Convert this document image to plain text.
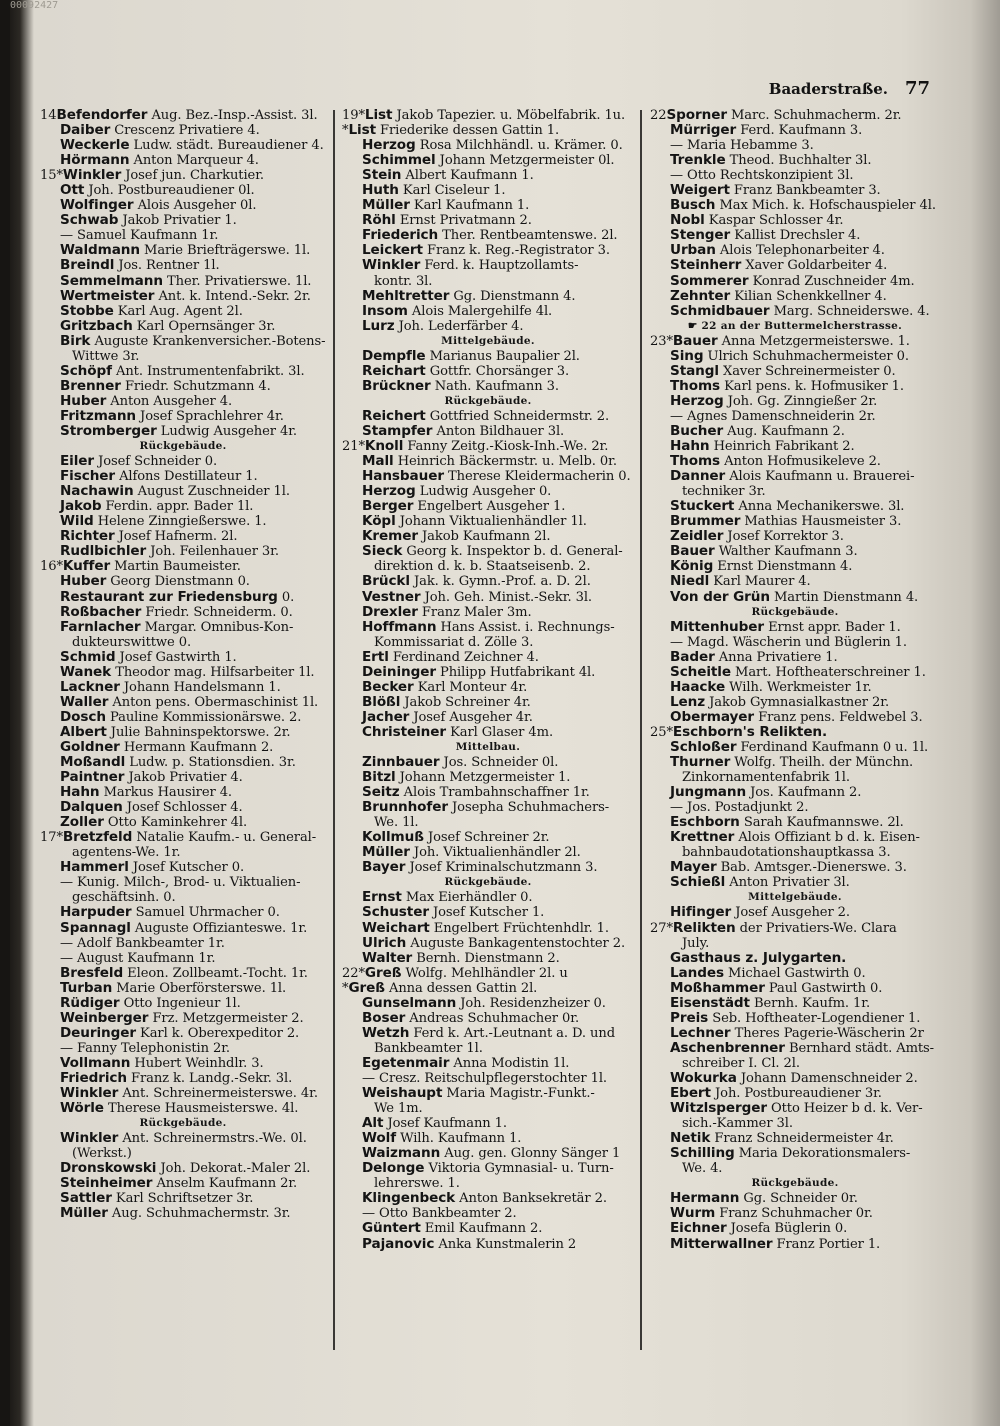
00092427
Baaderstraße. 77
14Befendorfer Aug. Bez.-Insp.-Assist. 3l.
Daiber Crescenz Privatiere 4.
Weckerle Ludw. städt. Bureaudiener 4.
Hörmann Anton Marqueur 4.
15*Winkler Josef jun. Charkutier.
Ott Joh. Postbureaudiener 0l.
Wolfinger Alois Ausgeher 0l.
Schwab Jakob Privatier 1.
— Samuel Kaufmann 1r.
Waldmann Marie Briefträgerswe. 1l.
Breindl Jos. Rentner 1l.
Semmelmann Ther. Privatierswe. 1l.
Wertmeister Ant. k. Intend.-Sekr. 2r.
Stobbe Karl Aug. Agent 2l.
Gritzbach Karl Opernsänger 3r.
Birk Auguste Krankenversicher.-Botens-
Wittwe 3r.
Schöpf Ant. Instrumentenfabrikt. 3l.
Brenner Friedr. Schutzmann 4.
Huber Anton Ausgeher 4.
Fritzmann Josef Sprachlehrer 4r.
Stromberger Ludwig Ausgeher 4r.
Rückgebäude.
Eiler Josef Schneider 0.
Fischer Alfons Destillateur 1.
Nachawin August Zuschneider 1l.
Jakob Ferdin. appr. Bader 1l.
Wild Helene Zinngießerswe. 1.
Richter Josef Hafnerm. 2l.
Rudlbichler Joh. Feilenhauer 3r.
16*Kuffer Martin Baumeister.
Huber Georg Dienstmann 0.
Restaurant zur Friedensburg 0.
Roßbacher Friedr. Schneiderm. 0.
Farnlacher Margar. Omnibus-Kon-
dukteurswittwe 0.
Schmid Josef Gastwirth 1.
Wanek Theodor mag. Hilfsarbeiter 1l.
Lackner Johann Handelsmann 1.
Waller Anton pens. Obermaschinist 1l.
Dosch Pauline Kommissionärswe. 2.
Albert Julie Bahninspektorswe. 2r.
Goldner Hermann Kaufmann 2.
Moßandl Ludw. p. Stationsdien. 3r.
Paintner Jakob Privatier 4.
Hahn Markus Hausirer 4.
Dalquen Josef Schlosser 4.
Zoller Otto Kaminkehrer 4l.
17*Bretzfeld Natalie Kaufm.- u. General-
agentens-We. 1r.
Hammerl Josef Kutscher 0.
— Kunig. Milch-, Brod- u. Viktualien-
geschäftsinh. 0.
Harpuder Samuel Uhrmacher 0.
Spannagl Auguste Offizianteswe. 1r.
— Adolf Bankbeamter 1r.
— August Kaufmann 1r.
Bresfeld Eleon. Zollbeamt.-Tocht. 1r.
Turban Marie Oberförsterswe. 1l.
Rüdiger Otto Ingenieur 1l.
Weinberger Frz. Metzgermeister 2.
Deuringer Karl k. Oberexpeditor 2.
— Fanny Telephonistin 2r.
Vollmann Hubert Weinhdlr. 3.
Friedrich Franz k. Landg.-Sekr. 3l.
Winkler Ant. Schreinermeisterswe. 4r.
Wörle Therese Hausmeisterswe. 4l.
Rückgebäude.
Winkler Ant. Schreinermstrs.-We. 0l.
(Werkst.)
Dronskowski Joh. Dekorat.-Maler 2l.
Steinheimer Anselm Kaufmann 2r.
Sattler Karl Schriftsetzer 3r.
Müller Aug. Schuhmachermstr. 3r.
19*List Jakob Tapezier. u. Möbelfabrik. 1u.
*List Friederike dessen Gattin 1.
Herzog Rosa Milchhändl. u. Krämer. 0.
Schimmel Johann Metzgermeister 0l.
Stein Albert Kaufmann 1.
Huth Karl Ciseleur 1.
Müller Karl Kaufmann 1.
Röhl Ernst Privatmann 2.
Friederich Ther. Rentbeamtenswe. 2l.
Leickert Franz k. Reg.-Registrator 3.
Winkler Ferd. k. Hauptzollamts-
kontr. 3l.
Mehltretter Gg. Dienstmann 4.
Insom Alois Malergehilfe 4l.
Lurz Joh. Lederfärber 4.
Mittelgebäude.
Dempfle Marianus Baupalier 2l.
Reichart Gottfr. Chorsänger 3.
Brückner Nath. Kaufmann 3.
Rückgebäude.
Reichert Gottfried Schneidermstr. 2.
Stampfer Anton Bildhauer 3l.
21*Knoll Fanny Zeitg.-Kiosk-Inh.-We. 2r.
Mall Heinrich Bäckermstr. u. Melb. 0r.
Hansbauer Therese Kleidermacherin 0.
Herzog Ludwig Ausgeher 0.
Berger Engelbert Ausgeher 1.
Köpl Johann Viktualienhändler 1l.
Kremer Jakob Kaufmann 2l.
Sieck Georg k. Inspektor b. d. General-
direktion d. k. b. Staatseisenb. 2.
Brückl Jak. k. Gymn.-Prof. a. D. 2l.
Vestner Joh. Geh. Minist.-Sekr. 3l.
Drexler Franz Maler 3m.
Hoffmann Hans Assist. i. Rechnungs-
Kommissariat d. Zölle 3.
Ertl Ferdinand Zeichner 4.
Deininger Philipp Hutfabrikant 4l.
Becker Karl Monteur 4r.
Blößl Jakob Schreiner 4r.
Jacher Josef Ausgeher 4r.
Christeiner Karl Glaser 4m.
Mittelbau.
Zinnbauer Jos. Schneider 0l.
Bitzl Johann Metzgermeister 1.
Seitz Alois Trambahnschaffner 1r.
Brunnhofer Josepha Schuhmachers-
We. 1l.
Kollmuß Josef Schreiner 2r.
Müller Joh. Viktualienhändler 2l.
Bayer Josef Kriminalschutzmann 3.
Rückgebäude.
Ernst Max Eierhändler 0.
Schuster Josef Kutscher 1.
Weichart Engelbert Früchtenhdlr. 1.
Ulrich Auguste Bankagentenstochter 2.
Walter Bernh. Dienstmann 2.
22*Greß Wolfg. Mehlhändler 2l. u
*Greß Anna dessen Gattin 2l.
Gunselmann Joh. Residenzheizer 0.
Boser Andreas Schuhmacher 0r.
Wetzh Ferd k. Art.-Leutnant a. D. und
Bankbeamter 1l.
Egetenmair Anna Modistin 1l.
— Cresz. Reitschulpflegerstochter 1l.
Weishaupt Maria Magistr.-Funkt.-
We 1m.
Alt Josef Kaufmann 1.
Wolf Wilh. Kaufmann 1.
Waizmann Aug. gen. Glonny Sänger 1
Delonge Viktoria Gymnasial- u. Turn-
lehrerswe. 1.
Klingenbeck Anton Banksekretär 2.
— Otto Bankbeamter 2.
Güntert Emil Kaufmann 2.
Pajanovic Anka Kunstmalerin 2
22Sporner Marc. Schuhmacherm. 2r.
Mürriger Ferd. Kaufmann 3.
— Maria Hebamme 3.
Trenkle Theod. Buchhalter 3l.
— Otto Rechtskonzipient 3l.
Weigert Franz Bankbeamter 3.
Busch Max Mich. k. Hofschauspieler 4l.
Nobl Kaspar Schlosser 4r.
Stenger Kallist Drechsler 4.
Urban Alois Telephonarbeiter 4.
Steinherr Xaver Goldarbeiter 4.
Sommerer Konrad Zuschneider 4m.
Zehnter Kilian Schenkkellner 4.
Schmidbauer Marg. Schneiderswe. 4.
☛ 22 an der Buttermelcherstrasse.
23*Bauer Anna Metzgermeisterswe. 1.
Sing Ulrich Schuhmachermeister 0.
Stangl Xaver Schreinermeister 0.
Thoms Karl pens. k. Hofmusiker 1.
Herzog Joh. Gg. Zinngießer 2r.
— Agnes Damenschneiderin 2r.
Bucher Aug. Kaufmann 2.
Hahn Heinrich Fabrikant 2.
Thoms Anton Hofmusikeleve 2.
Danner Alois Kaufmann u. Brauerei-
techniker 3r.
Stuckert Anna Mechanikerswe. 3l.
Brummer Mathias Hausmeister 3.
Zeidler Josef Korrektor 3.
Bauer Walther Kaufmann 3.
König Ernst Dienstmann 4.
Niedl Karl Maurer 4.
Von der Grün Martin Dienstmann 4.
Rückgebäude.
Mittenhuber Ernst appr. Bader 1.
— Magd. Wäscherin und Büglerin 1.
Bader Anna Privatiere 1.
Scheitle Mart. Hoftheaterschreiner 1.
Haacke Wilh. Werkmeister 1r.
Lenz Jakob Gymnasialkastner 2r.
Obermayer Franz pens. Feldwebel 3.
25*Eschborn's Relikten.
Schloßer Ferdinand Kaufmann 0 u. 1l.
Thurner Wolfg. Theilh. der Münchn.
Zinkornamentenfabrik 1l.
Jungmann Jos. Kaufmann 2.
— Jos. Postadjunkt 2.
Eschborn Sarah Kaufmannswe. 2l.
Krettner Alois Offiziant b d. k. Eisen-
bahnbaudotationshauptkassa 3.
Mayer Bab. Amtsger.-Dienerswe. 3.
Schießl Anton Privatier 3l.
Mittelgebäude.
Hifinger Josef Ausgeher 2.
27*Relikten der Privatiers-We. Clara
July.
Gasthaus z. Julygarten.
Landes Michael Gastwirth 0.
Moßhammer Paul Gastwirth 0.
Eisenstädt Bernh. Kaufm. 1r.
Preis Seb. Hoftheater-Logendiener 1.
Lechner Theres Pagerie-Wäscherin 2r
Aschenbrenner Bernhard städt. Amts-
schreiber I. Cl. 2l.
Wokurka Johann Damenschneider 2.
Ebert Joh. Postbureaudiener 3r.
Witzlsperger Otto Heizer b d. k. Ver-
sich.-Kammer 3l.
Netik Franz Schneidermeister 4r.
Schilling Maria Dekorationsmalers-
We. 4.
Rückgebäude.
Hermann Gg. Schneider 0r.
Wurm Franz Schuhmacher 0r.
Eichner Josefa Büglerin 0.
Mitterwallner Franz Portier 1.
